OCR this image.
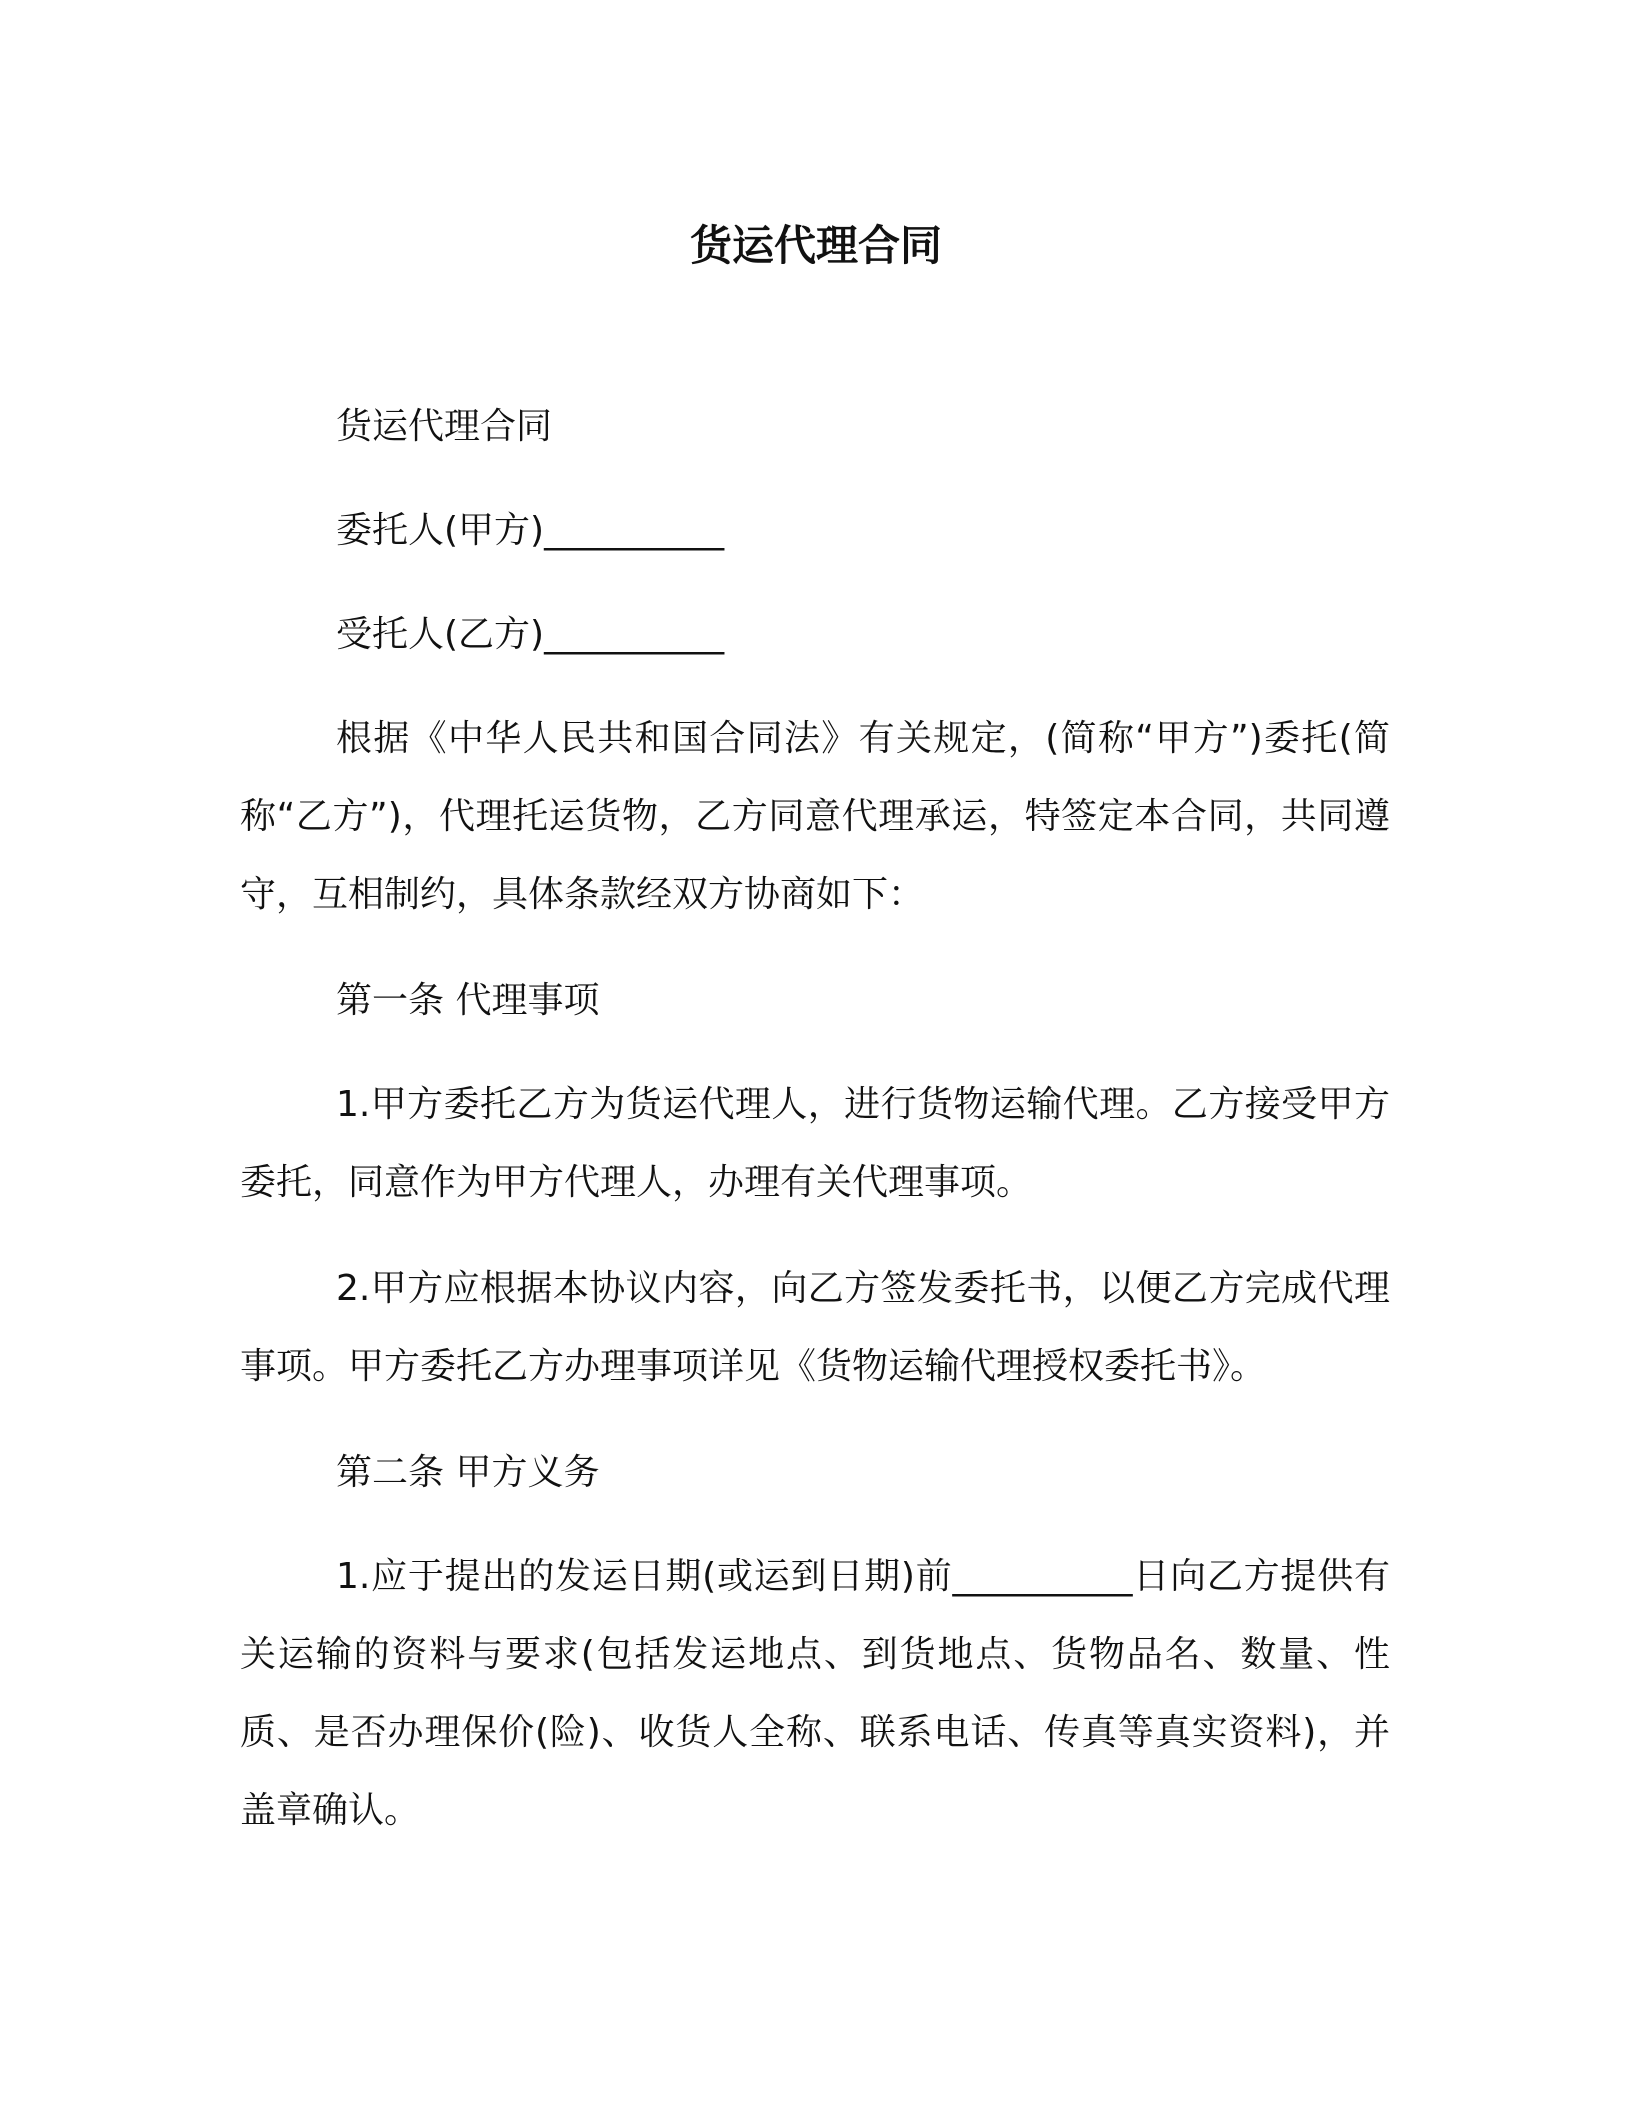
货运代理合同

货运代理合同

委托人(甲方)__________

受托人(乙方)__________

根据《中华人民共和国合同法》有关规定，(简称“甲方”)委托(简称“乙方”)，代理托运货物，乙方同意代理承运，特签定本合同，共同遵守，互相制约，具体条款经双方协商如下：

第一条 代理事项

1.甲方委托乙方为货运代理人，进行货物运输代理。乙方接受甲方委托，同意作为甲方代理人，办理有关代理事项。

2.甲方应根据本协议内容，向乙方签发委托书，以便乙方完成代理事项。甲方委托乙方办理事项详见《货物运输代理授权委托书》。

第二条 甲方义务

1.应于提出的发运日期(或运到日期)前__________日向乙方提供有关运输的资料与要求(包括发运地点、到货地点、货物品名、数量、性质、是否办理保价(险)、收货人全称、联系电话、传真等真实资料)，并盖章确认。
